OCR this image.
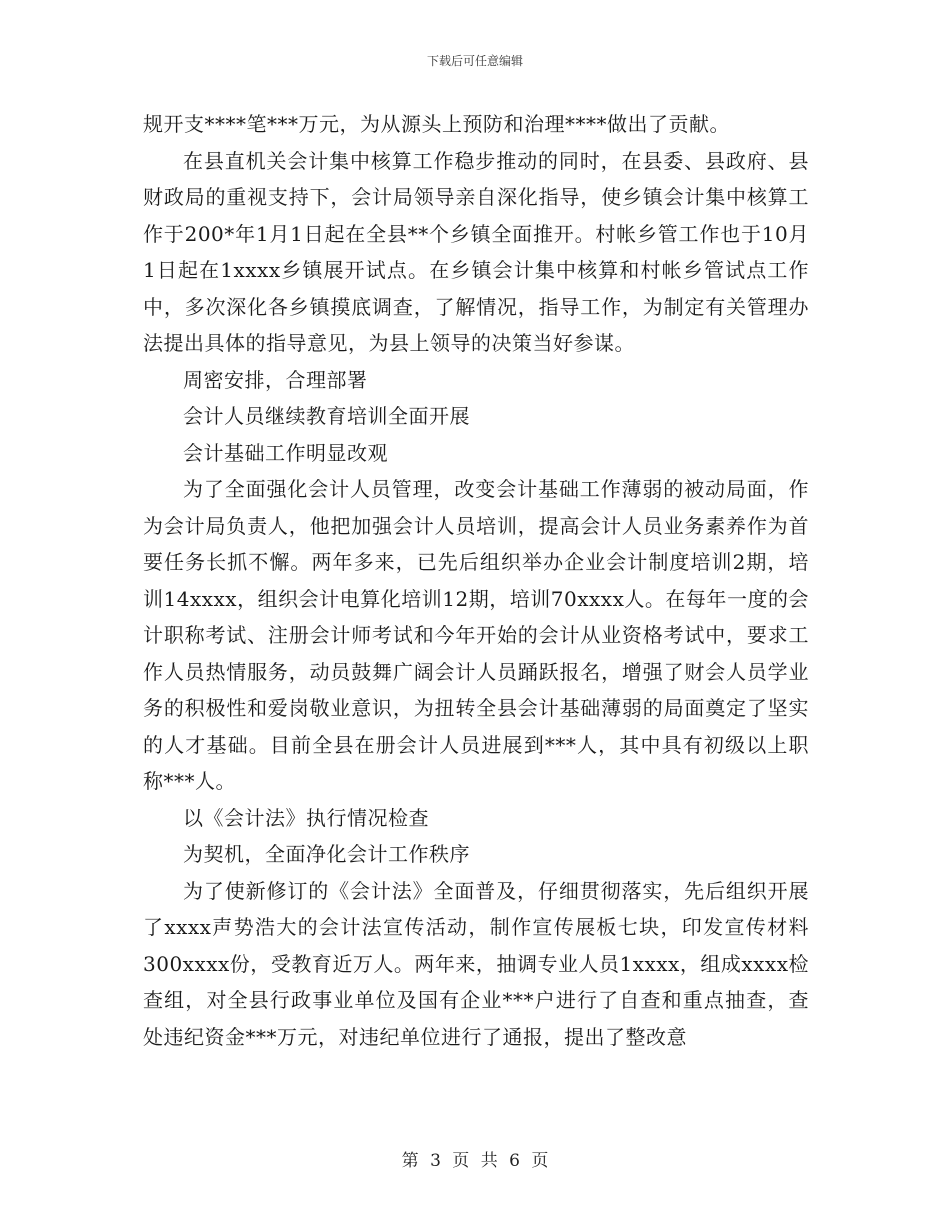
下载后可任意编辑

规开支****笔***万元，为从源头上预防和治理****做出了贡献。

在县直机关会计集中核算工作稳步推动的同时，在县委、县政府、县财政局的重视支持下，会计局领导亲自深化指导，使乡镇会计集中核算工作于200*年1月1日起在全县**个乡镇全面推开。村帐乡管工作也于10月1日起在1xxxx乡镇展开试点。在乡镇会计集中核算和村帐乡管试点工作中，多次深化各乡镇摸底调查，了解情况，指导工作，为制定有关管理办法提出具体的指导意见，为县上领导的决策当好参谋。

周密安排，合理部署

会计人员继续教育培训全面开展

会计基础工作明显改观

为了全面强化会计人员管理，改变会计基础工作薄弱的被动局面，作为会计局负责人，他把加强会计人员培训，提高会计人员业务素养作为首要任务长抓不懈。两年多来，已先后组织举办企业会计制度培训2期，培训14xxxx，组织会计电算化培训12期，培训70xxxx人。在每年一度的会计职称考试、注册会计师考试和今年开始的会计从业资格考试中，要求工作人员热情服务，动员鼓舞广阔会计人员踊跃报名，增强了财会人员学业务的积极性和爱岗敬业意识，为扭转全县会计基础薄弱的局面奠定了坚实的人才基础。目前全县在册会计人员进展到***人，其中具有初级以上职称***人。

以《会计法》执行情况检查

为契机，全面净化会计工作秩序

为了使新修订的《会计法》全面普及，仔细贯彻落实，先后组织开展了xxxx声势浩大的会计法宣传活动，制作宣传展板七块，印发宣传材料300xxxx份，受教育近万人。两年来，抽调专业人员1xxxx，组成xxxx检查组，对全县行政事业单位及国有企业***户进行了自查和重点抽查，查处违纪资金***万元，对违纪单位进行了通报，提出了整改意

第 3 页 共 6 页
